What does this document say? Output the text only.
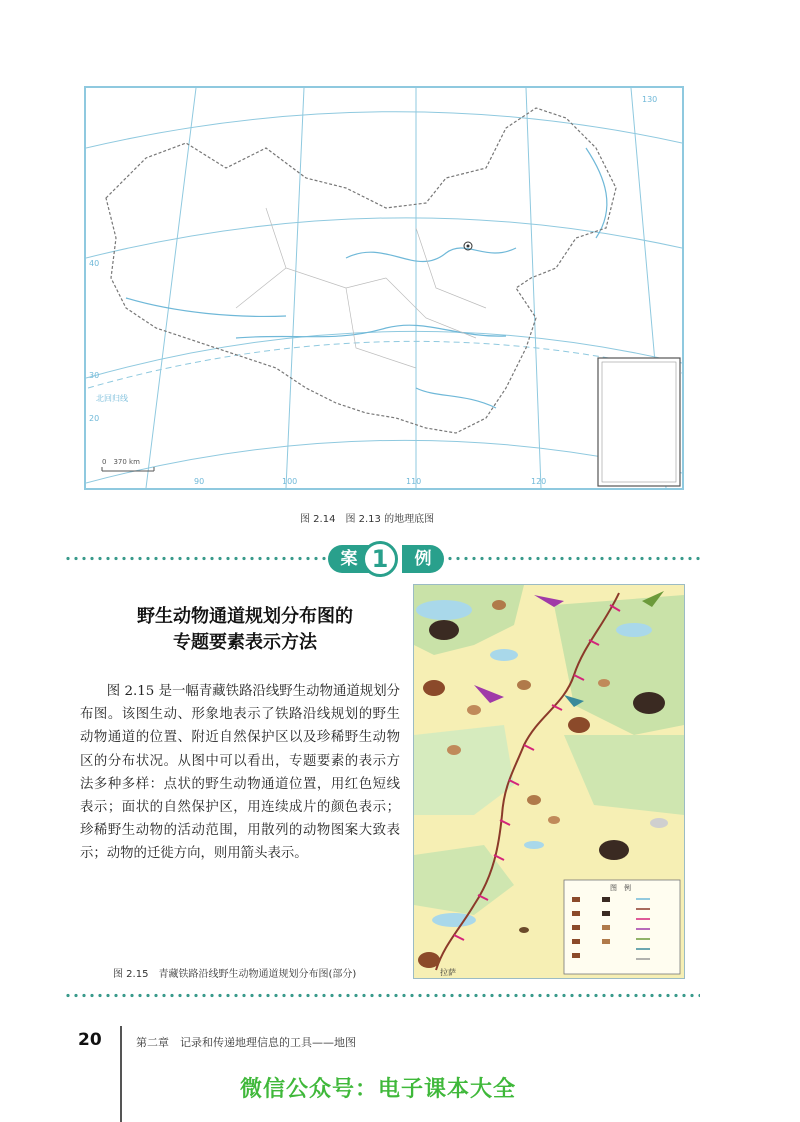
0　370 km
北回归线
40
30
20
90	100	110	120
130
图 2.14　图 2.13 的地理底图
案	例
1
野生动物通道规划分布图的
专题要素表示方法
图 2.15 是一幅青藏铁路沿线野生动物通道规划分布图。该图生动、形象地表示了铁路沿线规划的野生动物通道的位置、附近自然保护区以及珍稀野生动物区的分布状况。从图中可以看出，专题要素的表示方法多种多样：点状的野生动物通道位置，用红色短线表示；面状的自然保护区，用连续成片的颜色表示；珍稀野生动物的活动范围，用散列的动物图案大致表示；动物的迁徙方向，则用箭头表示。
图　例
拉萨
图 2.15　青藏铁路沿线野生动物通道规划分布图(部分)
20	第二章　记录和传递地理信息的工具——地图
微信公众号：电子课本大全
